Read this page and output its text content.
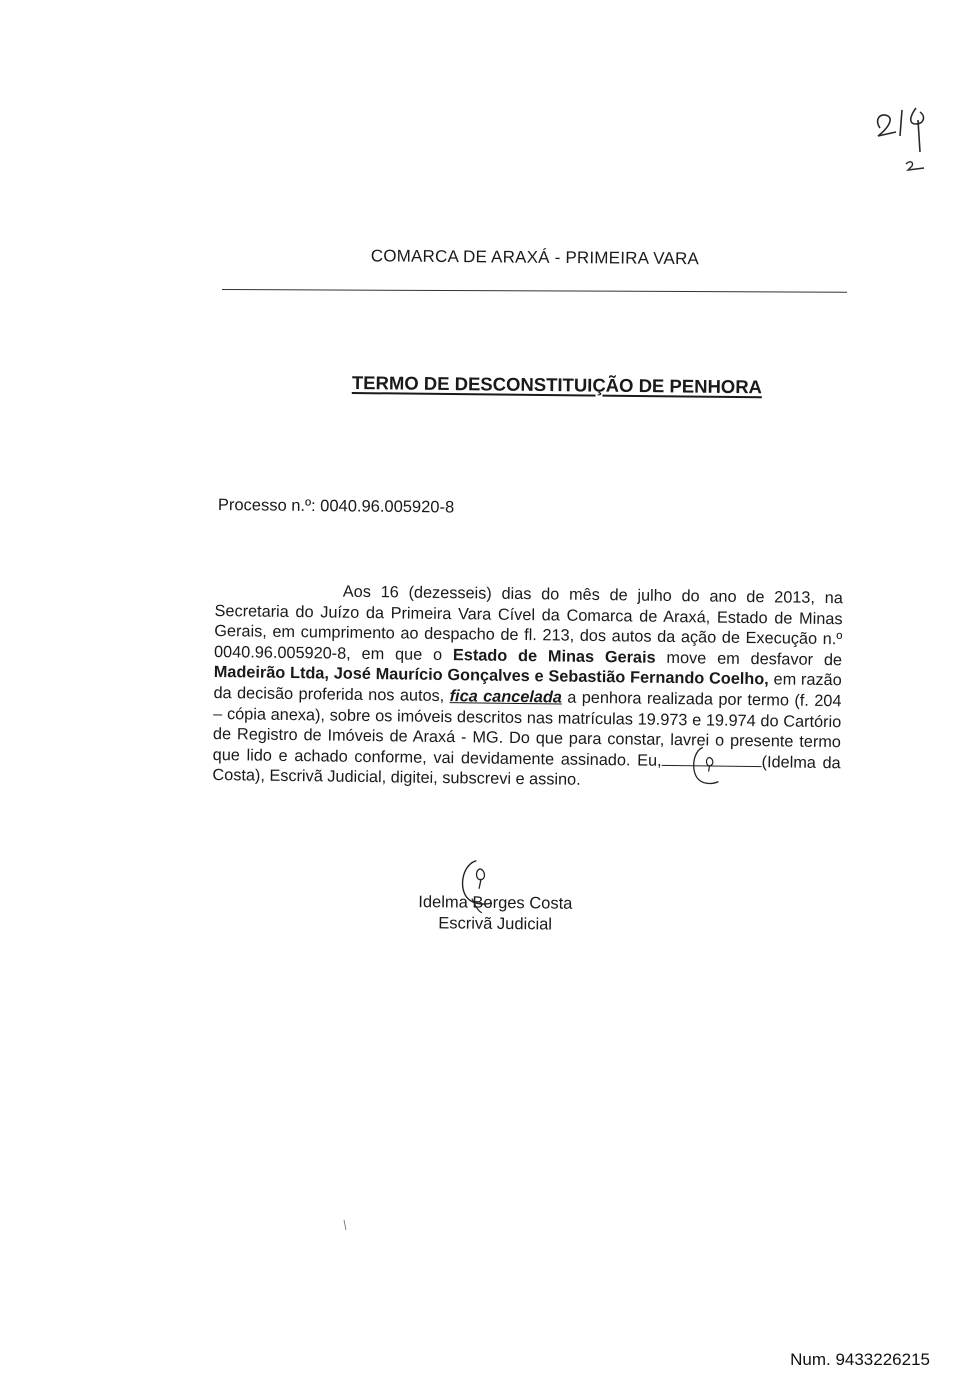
COMARCA DE ARAXÁ - PRIMEIRA VARA
TERMO DE DESCONSTITUIÇÃO DE PENHORA
Processo n.º: 0040.96.005920-8
Aos 16 (dezesseis) dias do mês de julho do ano de 2013, na Secretaria do Juízo da Primeira Vara Cível da Comarca de Araxá, Estado de Minas Gerais, em cumprimento ao despacho de fl. 213, dos autos da ação de Execução n.º 0040.96.005920-8, em que o Estado de Minas Gerais move em desfavor de Madeirão Ltda, José Maurício Gonçalves e Sebastião Fernando Coelho, em razão da decisão proferida nos autos, fica cancelada a penhora realizada por termo (f. 204 – cópia anexa), sobre os imóveis descritos nas matrículas 19.973 e 19.974 do Cartório de Registro de Imóveis de Araxá - MG. Do que para constar, lavrei o presente termo que lido e achado conforme, vai devidamente assinado. Eu,	(Idelma da Costa), Escrivã Judicial, digitei, subscrevi e assino.
Idelma Borges Costa
Escrivã Judicial
Num. 9433226215
